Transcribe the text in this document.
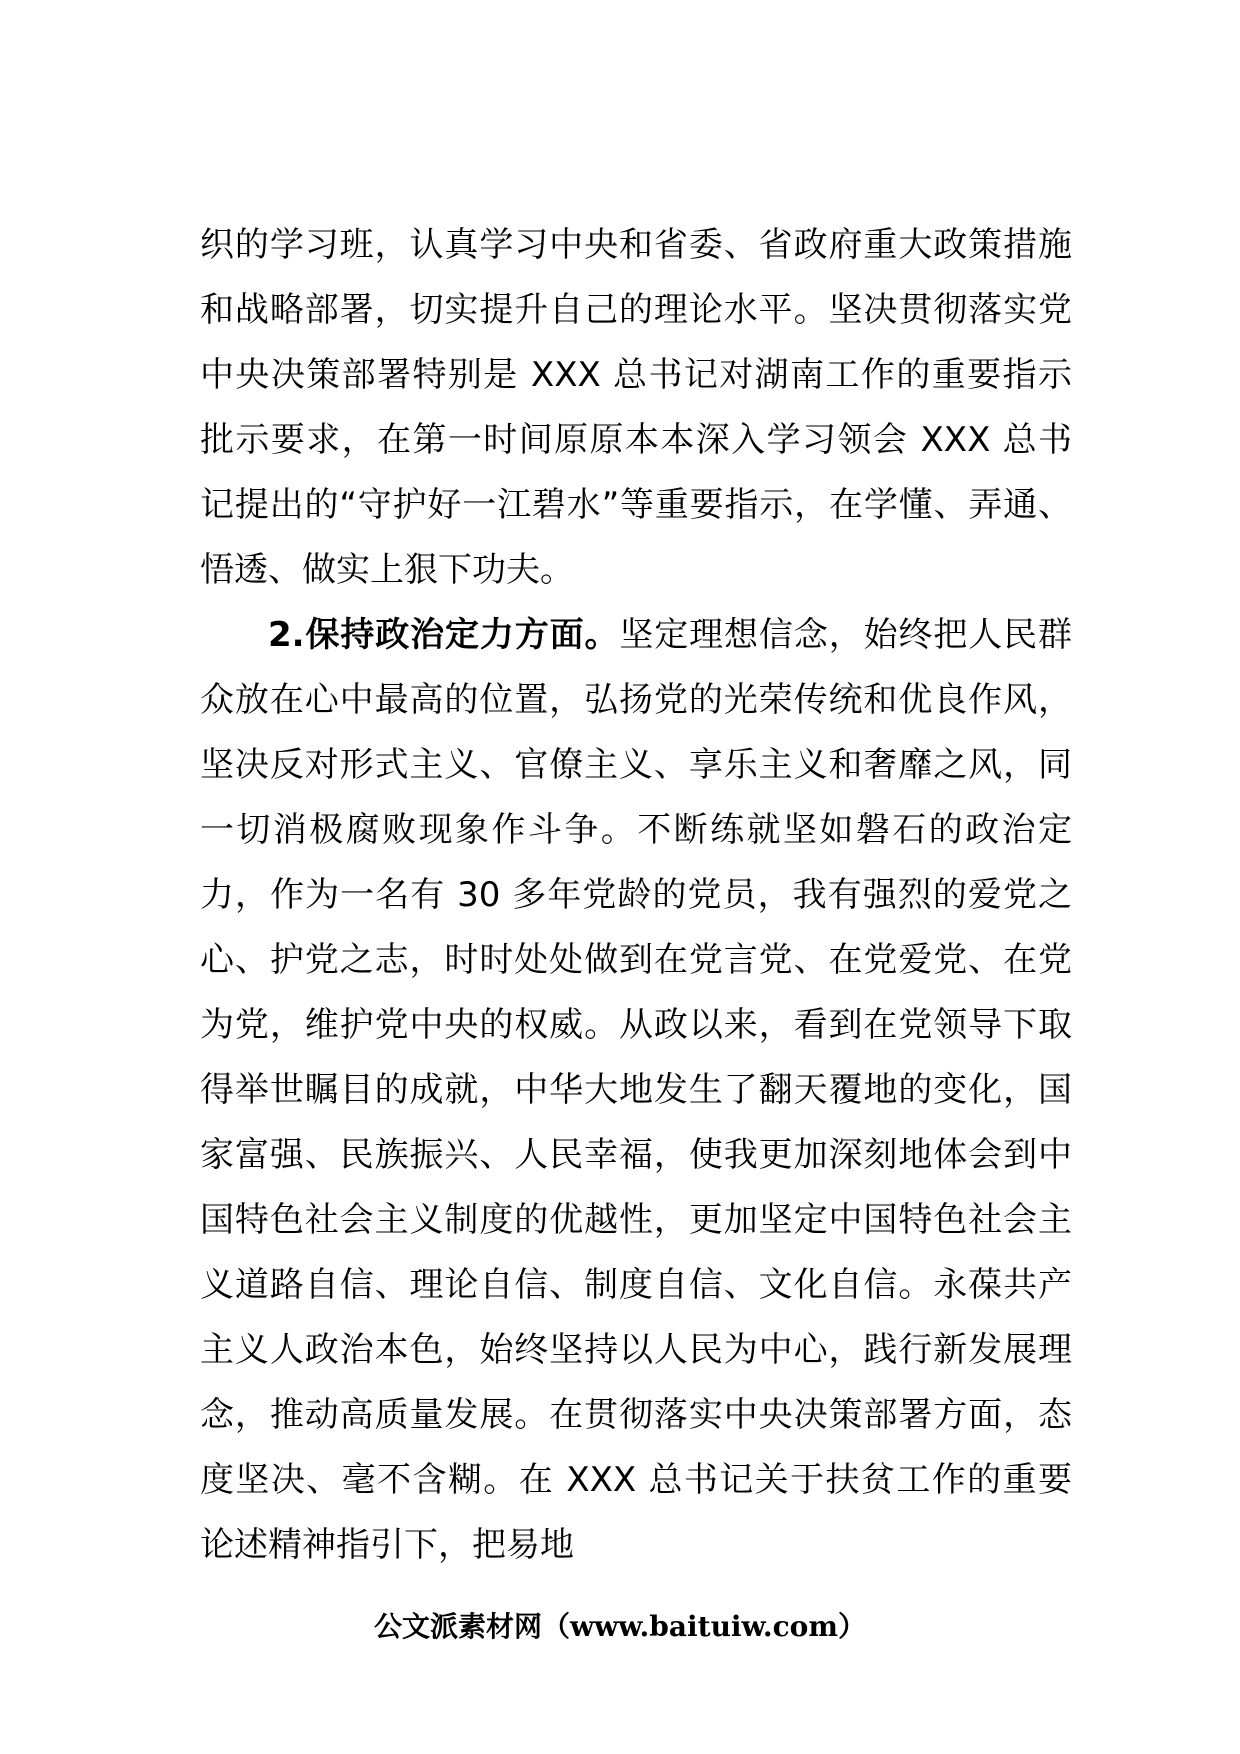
织的学习班，认真学习中央和省委、省政府重大政策措施和战略部署，切实提升自己的理论水平。坚决贯彻落实党中央决策部署特别是 XXX 总书记对湖南工作的重要指示批示要求，在第一时间原原本本深入学习领会 XXX 总书记提出的“守护好一江碧水”等重要指示，在学懂、弄通、悟透、做实上狠下功夫。

2.保持政治定力方面。坚定理想信念，始终把人民群众放在心中最高的位置，弘扬党的光荣传统和优良作风，坚决反对形式主义、官僚主义、享乐主义和奢靡之风，同一切消极腐败现象作斗争。不断练就坚如磐石的政治定力，作为一名有 30 多年党龄的党员，我有强烈的爱党之心、护党之志，时时处处做到在党言党、在党爱党、在党为党，维护党中央的权威。从政以来，看到在党领导下取得举世瞩目的成就，中华大地发生了翻天覆地的变化，国家富强、民族振兴、人民幸福，使我更加深刻地体会到中国特色社会主义制度的优越性，更加坚定中国特色社会主义道路自信、理论自信、制度自信、文化自信。永葆共产主义人政治本色，始终坚持以人民为中心，践行新发展理念，推动高质量发展。在贯彻落实中央决策部署方面，态度坚决、毫不含糊。在 XXX 总书记关于扶贫工作的重要论述精神指引下，把易地

公文派素材网（www.baituiw.com）
